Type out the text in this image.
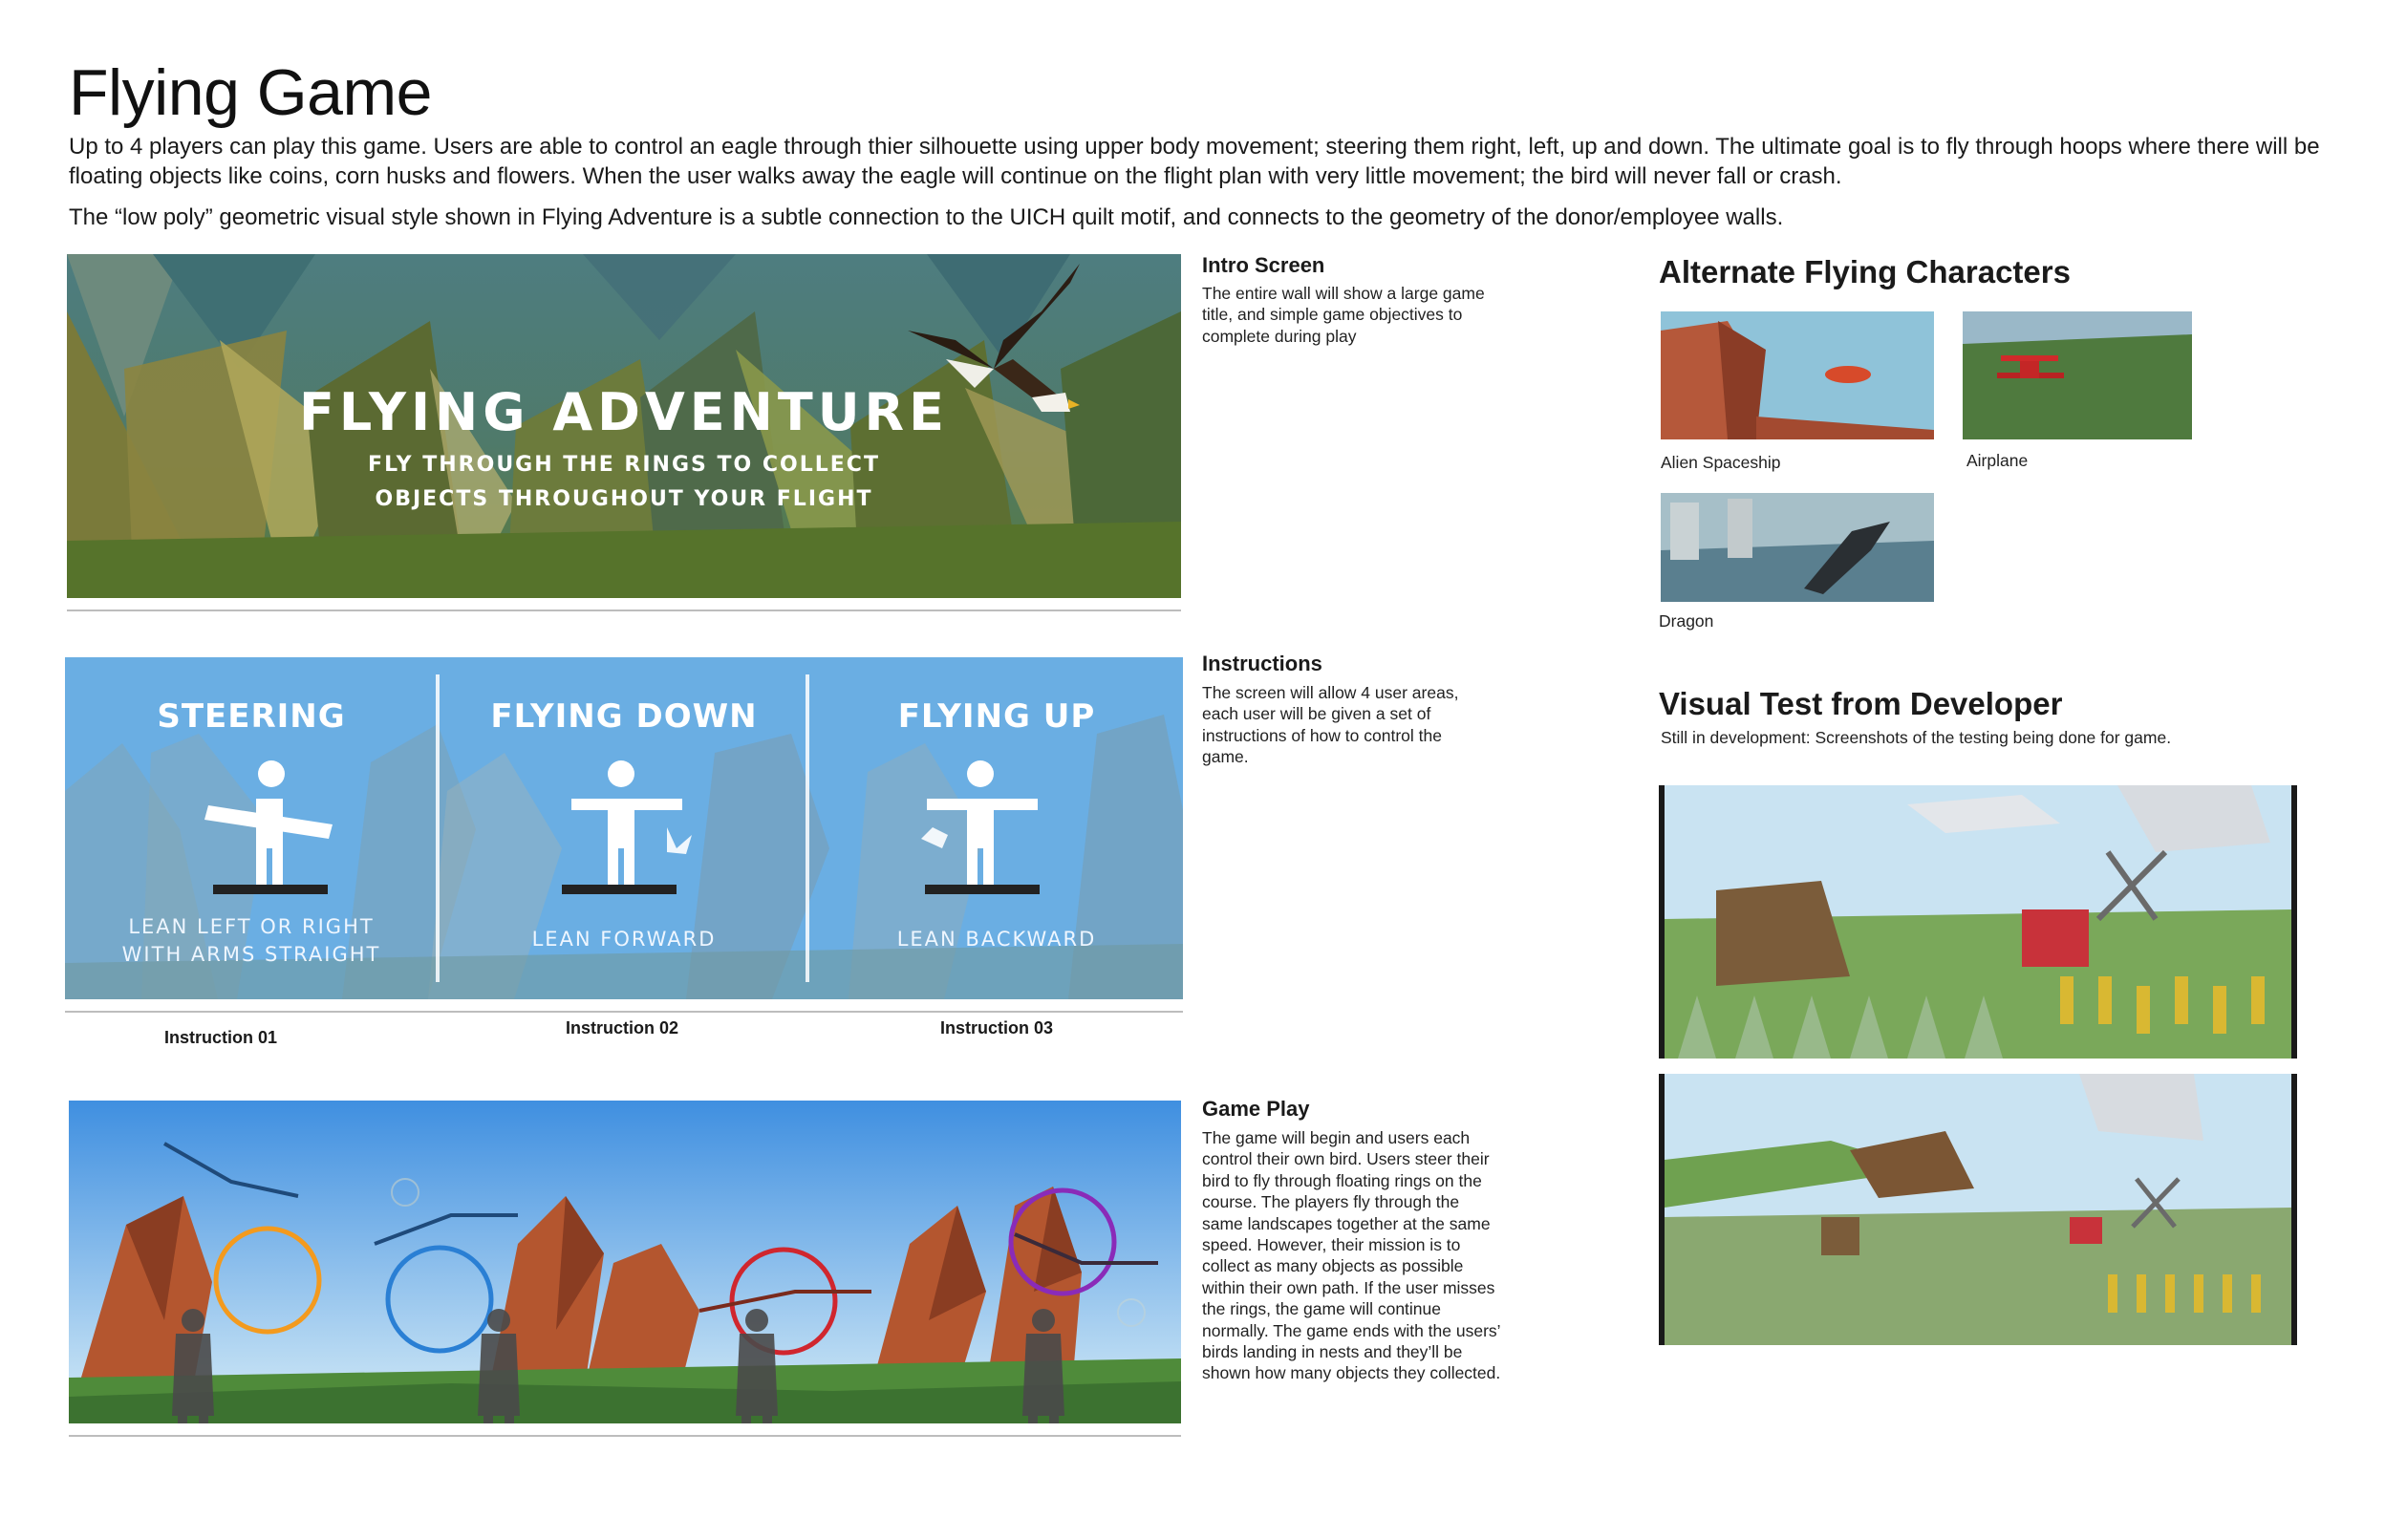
Flying Game
Up to 4 players can play this game. Users are able to control an eagle through thier silhouette using upper body movement; steering them right, left, up and down. The ultimate goal is to fly through hoops where there will be floating objects like coins, corn husks and flowers. When the user walks away the eagle will continue on the flight plan with very little movement; the bird will never fall or crash.
The “low poly” geometric visual style shown in Flying Adventure is a subtle connection to the UICH quilt motif, and connects to the geometry of the donor/employee walls.
FLYING ADVENTURE
FLY THROUGH THE RINGS TO COLLECT
OBJECTS THROUGHOUT YOUR FLIGHT
Intro Screen
The entire wall will show a large game title, and simple game objectives to complete during play
STEERING	FLYING DOWN	FLYING UP
LEAN LEFT OR RIGHT
WITH ARMS STRAIGHT
LEAN FORWARD	LEAN BACKWARD
Instruction 01	Instruction 02	Instruction 03
Instructions
The screen will allow 4 user areas, each user will be given a set of instructions of how to control the game.
Game Play
The game will begin and users each control their own bird. Users steer their bird to fly through floating rings on the course. The players fly through the same landscapes together at the same speed. However, their mission is to collect as many objects as possible within their own path. If the user misses the rings, the game will continue normally. The game ends with the users’ birds landing in nests and they’ll be shown how many objects they collected.
Alternate Flying Characters
Alien Spaceship	Airplane
Dragon
Visual Test from Developer
Still in development: Screenshots of the testing being done for game.
